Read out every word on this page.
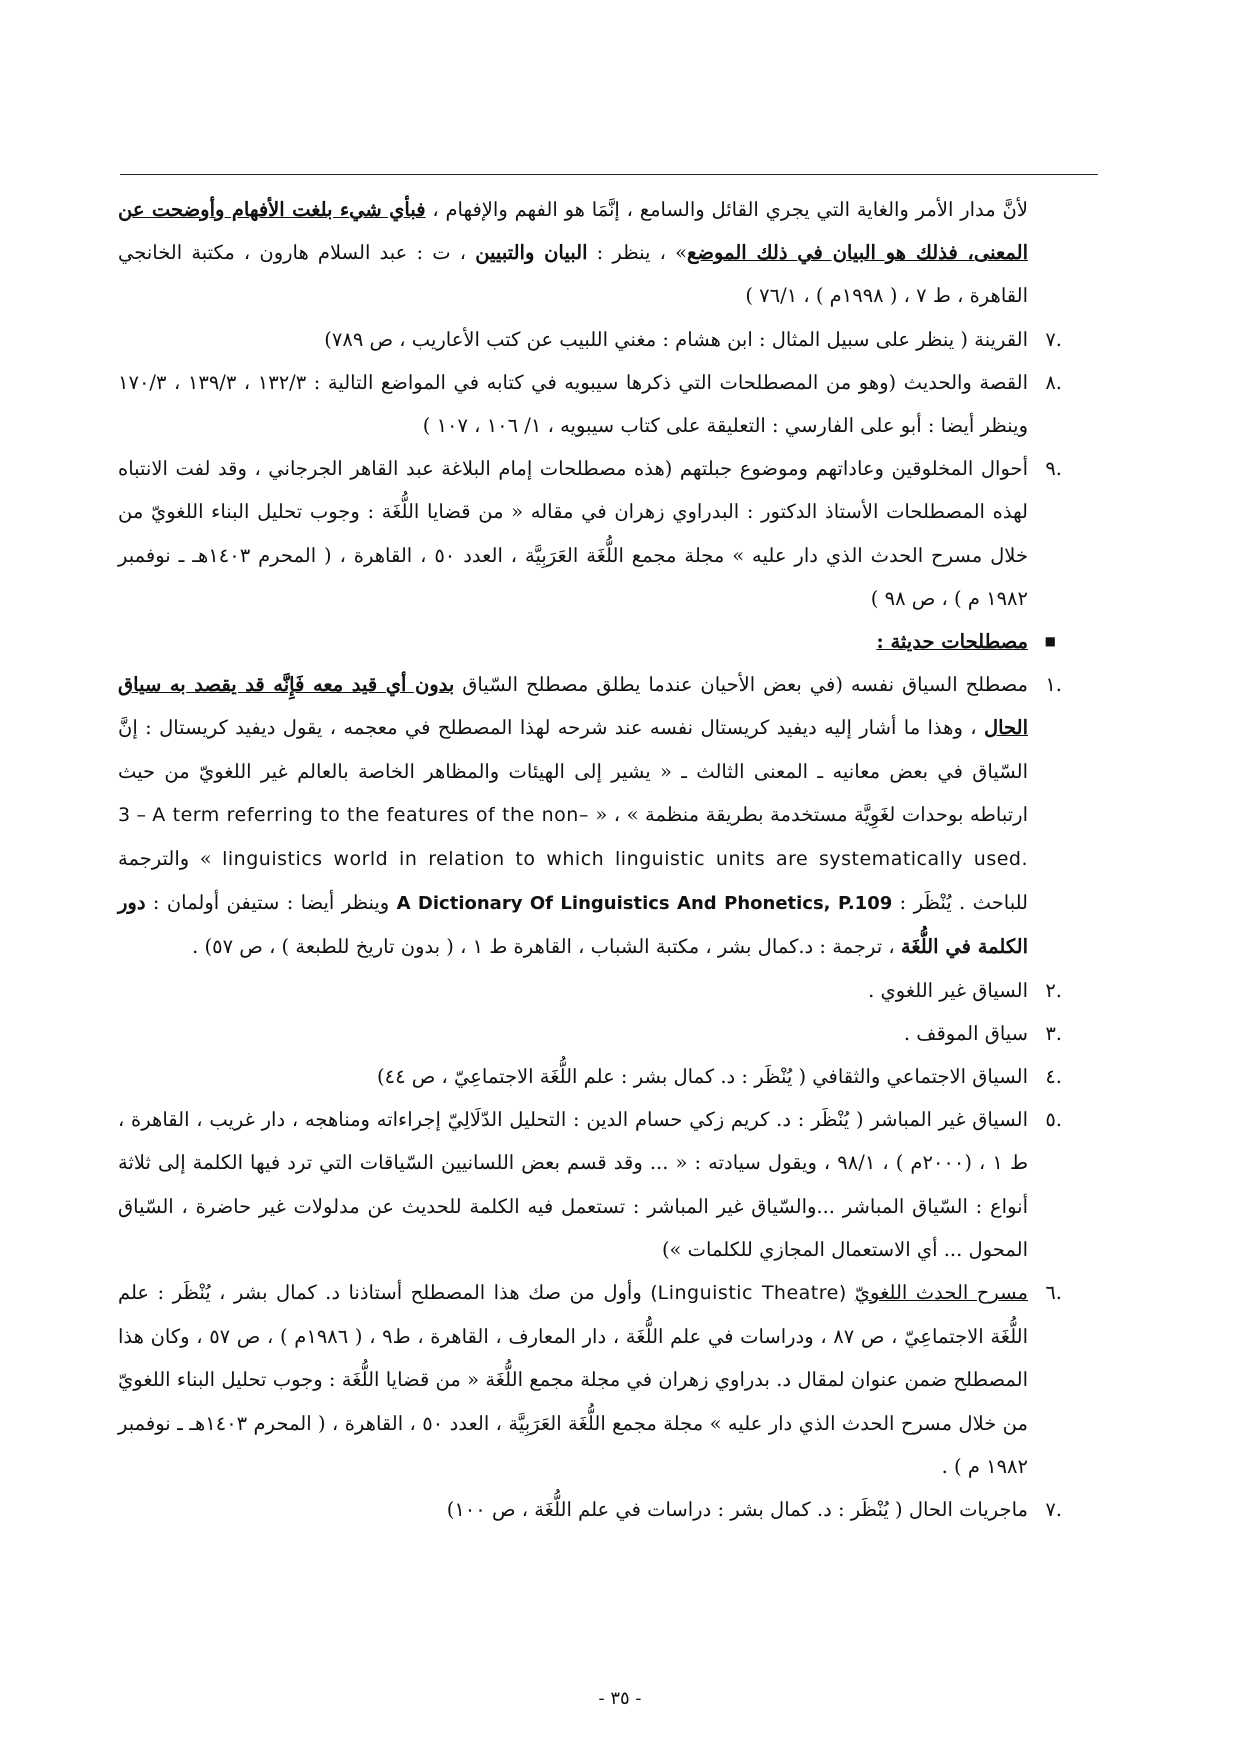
لأنَّ مدار الأمر والغاية التي يجري القائل والسامع ، إنَّمَا هو الفهم والإفهام ، فبأي شيء بلغت الأفهام وأوضحت عن المعنى، فذلك هو البيان في ذلك الموضع» ، ينظر : البيان والتبيين ، ت : عبد السلام هارون ، مكتبة الخانجي القاهرة ، ط ٧ ، ( ١٩٩٨م ) ، ٧٦/١ )

.٧
القرينة ( ينظر على سبيل المثال : ابن هشام : مغني اللبيب عن كتب الأعاريب ، ص ٧٨٩)
.٨
القصة والحديث (وهو من المصطلحات التي ذكرها سيبويه في كتابه في المواضع التالية : ١٣٢/٣ ، ١٣٩/٣ ، ١٧٠/٣ وينظر أيضا : أبو على الفارسي : التعليقة على كتاب سيبويه ، ١/ ١٠٦ ، ١٠٧ )
.٩
أحوال المخلوقين وعاداتهم وموضوع جبلتهم (هذه مصطلحات إمام البلاغة عبد القاهر الجرجاني ، وقد لفت الانتباه لهذه المصطلحات الأستاذ الدكتور : البدراوي زهران في مقاله « من قضايا اللُّغَة : وجوب تحليل البناء اللغويّ من خلال مسرح الحدث الذي دار عليه » مجلة مجمع اللُّغَة العَرَبِيَّة ، العدد ٥٠ ، القاهرة ، ( المحرم ١٤٠٣هـ ـ نوفمبر ١٩٨٢ م ) ، ص ٩٨ )
■
مصطلحات حديثة :
.١
مصطلح السياق نفسه (في بعض الأحيان عندما يطلق مصطلح السّياق بدون أي قيد معه فَإِنَّه قد يقصد به سياق الحال ، وهذا ما أشار إليه ديفيد كريستال نفسه عند شرحه لهذا المصطلح في معجمه ، يقول ديفيد كريستال : إنَّ السّياق في بعض معانيه ـ المعنى الثالث ـ « يشير إلى الهيئات والمظاهر الخاصة بالعالم غير اللغويّ من حيث ارتباطه بوحدات لغَوِيَّة مستخدمة بطريقة منظمة » ، « 3 – A term referring to the features of the non–linguistics world in relation to which linguistic units are systematically used. » والترجمة للباحث . يُنْظَر : A Dictionary Of Linguistics And Phonetics, P.109 وينظر أيضا : ستيفن أولمان : دور الكلمة في اللُّغَة ، ترجمة : د.كمال بشر ، مكتبة الشباب ، القاهرة ط ١ ، ( بدون تاريخ للطبعة ) ، ص ٥٧) .
.٢
السياق غير اللغوي .
.٣
سياق الموقف .
.٤
السياق الاجتماعي والثقافي ( يُنْظَر : د. كمال بشر : علم اللُّغَة الاجتماعِيّ ، ص ٤٤)
.٥
السياق غير المباشر ( يُنْظَر : د. كريم زكي حسام الدين : التحليل الدّلَالِيّ إجراءاته ومناهجه ، دار غريب ، القاهرة ، ط ١ ، (٢٠٠٠م ) ، ٩٨/١ ، ويقول سيادته : « ... وقد قسم بعض اللسانيين السّياقات التي ترد فيها الكلمة إلى ثلاثة أنواع : السّياق المباشر ...والسّياق غير المباشر : تستعمل فيه الكلمة للحديث عن مدلولات غير حاضرة ، السّياق المحول ... أي الاستعمال المجازي للكلمات »)
.٦
مسرح الحدث اللغويّ (Linguistic Theatre) وأول من صك هذا المصطلح أستاذنا د. كمال بشر ، يُنْظَر : علم اللُّغَة الاجتماعِيّ ، ص ٨٧ ، ودراسات في علم اللُّغَة ، دار المعارف ، القاهرة ، ط٩ ، ( ١٩٨٦م ) ، ص ٥٧ ، وكان هذا المصطلح ضمن عنوان لمقال د. بدراوي زهران في مجلة مجمع اللُّغَة « من قضايا اللُّغَة : وجوب تحليل البناء اللغويّ من خلال مسرح الحدث الذي دار عليه » مجلة مجمع اللُّغَة العَرَبِيَّة ، العدد ٥٠ ، القاهرة ، ( المحرم ١٤٠٣هـ ـ نوفمبر ١٩٨٢ م ) .
.٧
ماجريات الحال ( يُنْظَر : د. كمال بشر : دراسات في علم اللُّغَة ، ص ١٠٠)
- ٣٥ -
